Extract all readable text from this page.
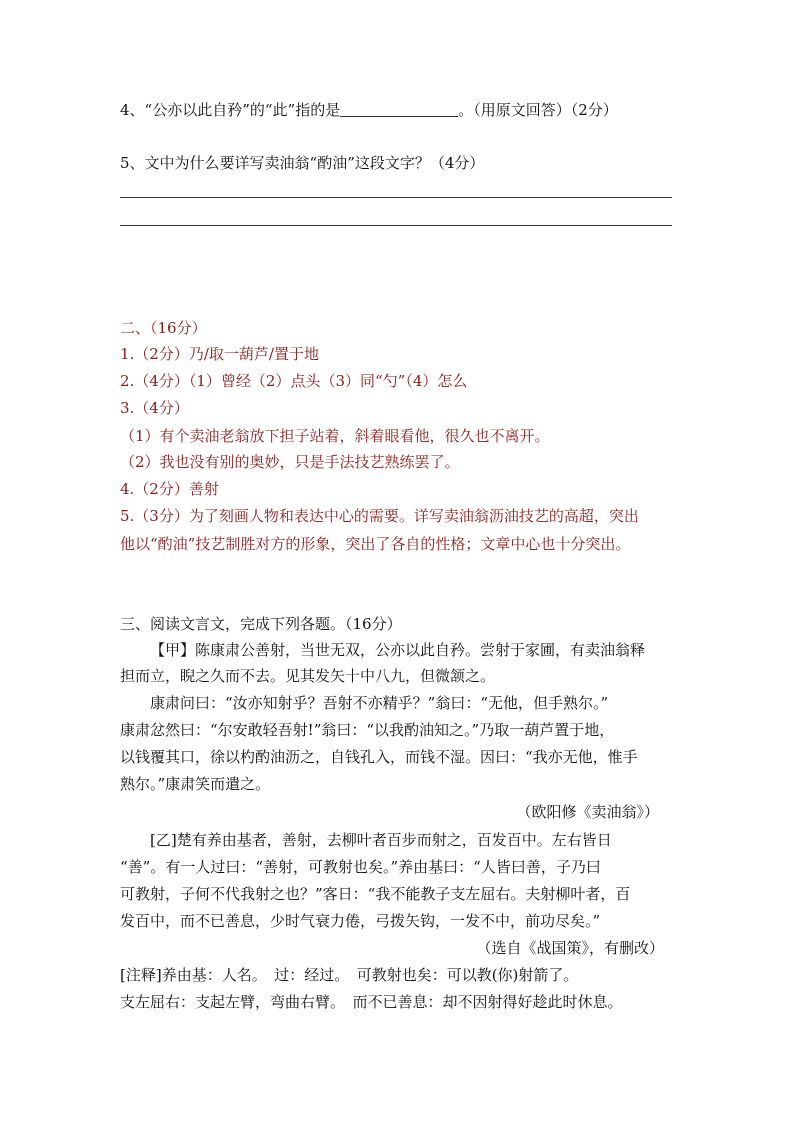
4、“公亦以此自矜”的“此”指的是	。（用原文回答）（2分）
5、文中为什么要详写卖油翁“酌油”这段文字？（4分）
二、（16分）
1.（2分）乃/取一葫芦/置于地
2.（4分）（1）曾经（2）点头（3）同“勺”（4）怎么
3.（4分）
（1）有个卖油老翁放下担子站着，斜着眼看他，很久也不离开。
（2）我也没有别的奥妙，只是手法技艺熟练罢了。
4.（2分）善射
5.（3分）为了刻画人物和表达中心的需要。详写卖油翁沥油技艺的高超，突出
他以“酌油”技艺制胜对方的形象，突出了各自的性格；文章中心也十分突出。
三、阅读文言文，完成下列各题。（16分）
【甲】陈康肃公善射，当世无双，公亦以此自矜。尝射于家圃，有卖油翁释
担而立，睨之久而不去。见其发矢十中八九，但微颔之。
康肃问曰：“汝亦知射乎？吾射不亦精乎？”翁曰：“无他，但手熟尔。”
康肃忿然曰：“尔安敢轻吾射!”翁曰：“以我酌油知之。”乃取一葫芦置于地，
以钱覆其口，徐以杓酌油沥之，自钱孔入，而钱不湿。因曰：“我亦无他，惟手
熟尔。”康肃笑而遣之。
（欧阳修《卖油翁》）
[乙]楚有养由基者，善射，去柳叶者百步而射之，百发百中。左右皆日
“善”。有一人过曰：“善射，可教射也矣。”养由基曰：“人皆曰善，子乃曰
可教射，子何不代我射之也？”客日：“我不能教子支左屈右。夫射柳叶者，百
发百中，而不已善息，少时气衰力倦，弓拨矢钩，一发不中，前功尽矣。”
（选自《战国策》，有删改）
[注释]养由基：人名。　过：经过。　可教射也矣：可以教(你)射箭了。
支左屈右：支起左臂，弯曲右臂。　而不已善息：却不因射得好趁此时休息。
